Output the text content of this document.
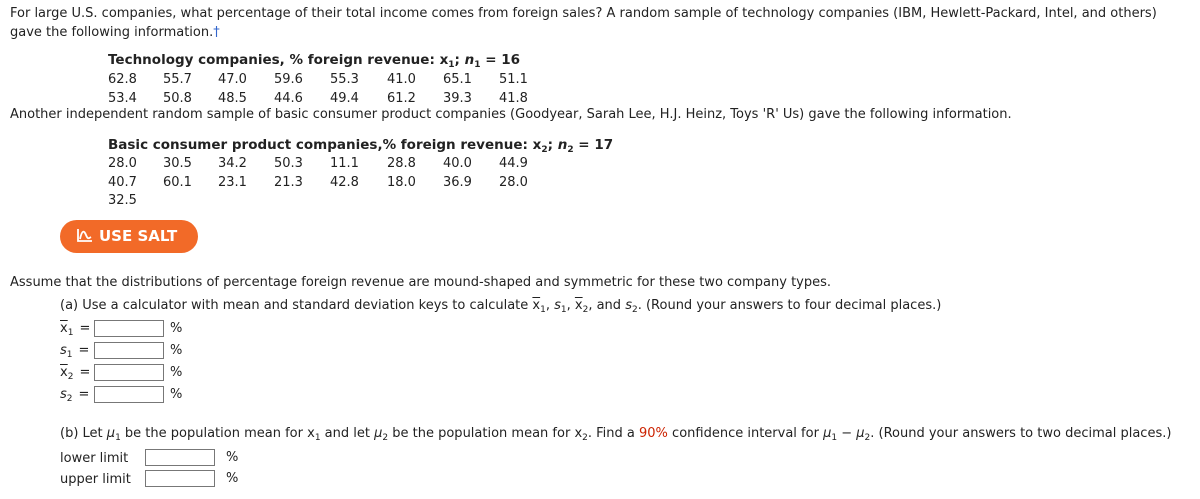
For large U.S. companies, what percentage of their total income comes from foreign sales? A random sample of technology companies (IBM, Hewlett-Packard, Intel, and others) gave the following information.†
Technology companies, % foreign revenue: $x_1$; $n_1 = 16$
62.8	55.7	47.0	59.6	55.3	41.0	65.1	51.1
53.4	50.8	48.5	44.6	49.4	61.2	39.3	41.8
Another independent random sample of basic consumer product companies (Goodyear, Sarah Lee, H.J. Heinz, Toys 'R' Us) gave the following information.
Basic consumer product companies,% foreign revenue: $x_2$; $n_2 = 17$
28.0	30.5	34.2	50.3	11.1	28.8	40.0	44.9
40.7	60.1	23.1	21.3	42.8	18.0	36.9	28.0
32.5
USE SALT
Assume that the distributions of percentage foreign revenue are mound-shaped and symmetric for these two company types.
(a) Use a calculator with mean and standard deviation keys to calculate $\overline{x}_1$, $s_1$, $\overline{x}_2$, and $s_2$. (Round your answers to four decimal places.)
$\overline{x}_1$ =	%
$s_1$ =	%
$\overline{x}_2$ =	%
$s_2$ =	%
(b) Let $\mu_1$ be the population mean for $x_1$ and let $\mu_2$ be the population mean for $x_2$. Find a 90% confidence interval for $\mu_1 - \mu_2$. (Round your answers to two decimal places.)
lower limit	%
upper limit	%
